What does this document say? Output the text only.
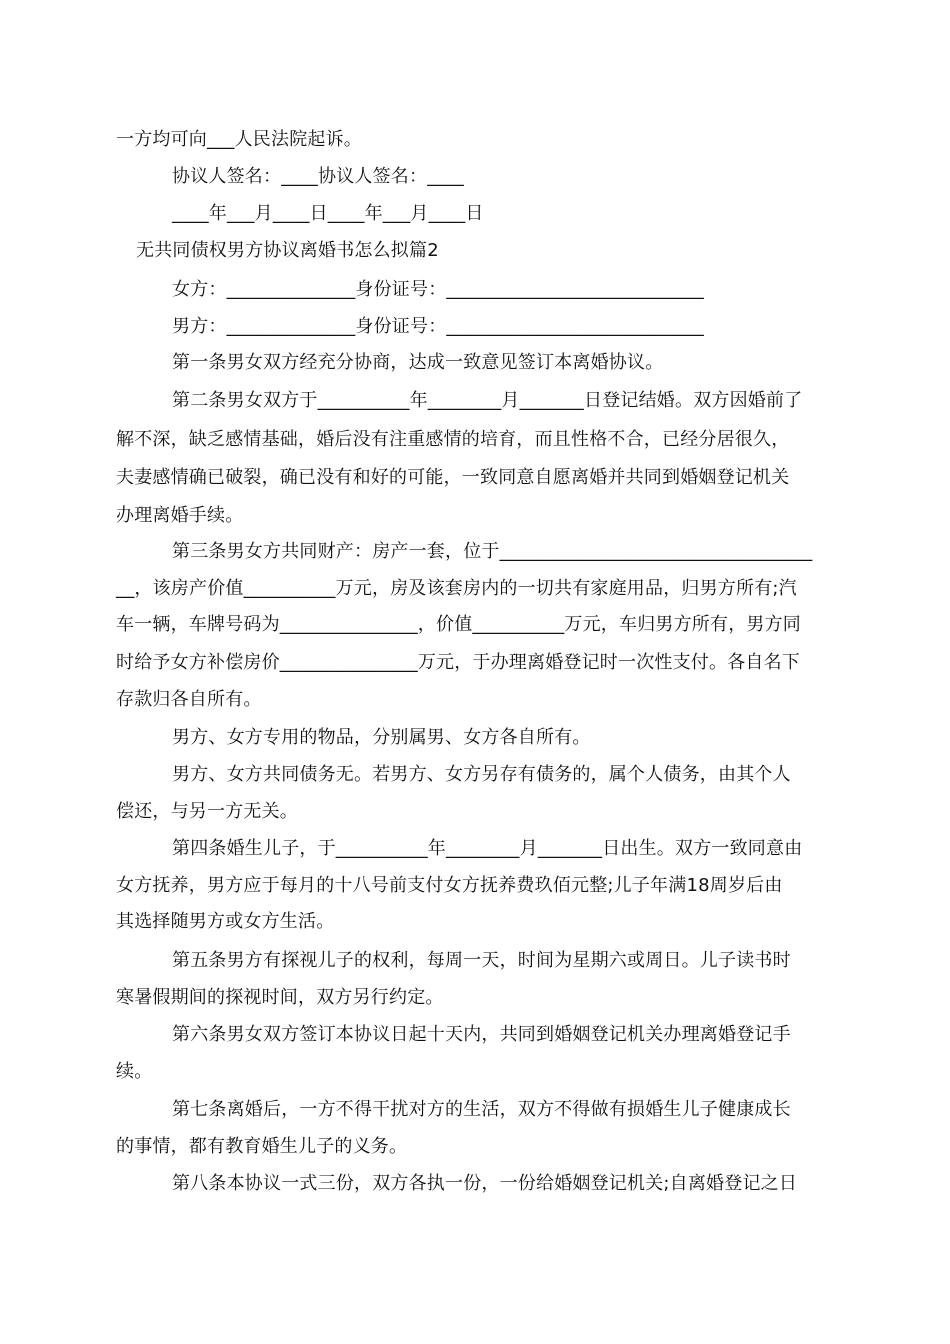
一方均可向___人民法院起诉。
协议人签名：____协议人签名：____
____年___月____日____年___月____日
无共同债权男方协议离婚书怎么拟篇2
女方：______________身份证号：____________________________
男方：______________身份证号：____________________________
第一条男女双方经充分协商，达成一致意见签订本离婚协议。
第二条男女双方于__________年________月_______日登记结婚。双方因婚前了
解不深，缺乏感情基础，婚后没有注重感情的培育，而且性格不合，已经分居很久，
夫妻感情确已破裂，确已没有和好的可能，一致同意自愿离婚并共同到婚姻登记机关
办理离婚手续。
第三条男女方共同财产：房产一套，位于__________________________________
__，该房产价值__________万元，房及该套房内的一切共有家庭用品，归男方所有;汽
车一辆，车牌号码为_______________，价值__________万元，车归男方所有，男方同
时给予女方补偿房价_______________万元，于办理离婚登记时一次性支付。各自名下
存款归各自所有。
男方、女方专用的物品，分别属男、女方各自所有。
男方、女方共同债务无。若男方、女方另存有债务的，属个人债务，由其个人
偿还，与另一方无关。
第四条婚生儿子，于__________年________月_______日出生。双方一致同意由
女方抚养，男方应于每月的十八号前支付女方抚养费玖佰元整;儿子年满18周岁后由
其选择随男方或女方生活。
第五条男方有探视儿子的权利，每周一天，时间为星期六或周日。儿子读书时
寒暑假期间的探视时间，双方另行约定。
第六条男女双方签订本协议日起十天内，共同到婚姻登记机关办理离婚登记手
续。
第七条离婚后，一方不得干扰对方的生活，双方不得做有损婚生儿子健康成长
的事情，都有教育婚生儿子的义务。
第八条本协议一式三份，双方各执一份，一份给婚姻登记机关;自离婚登记之日
